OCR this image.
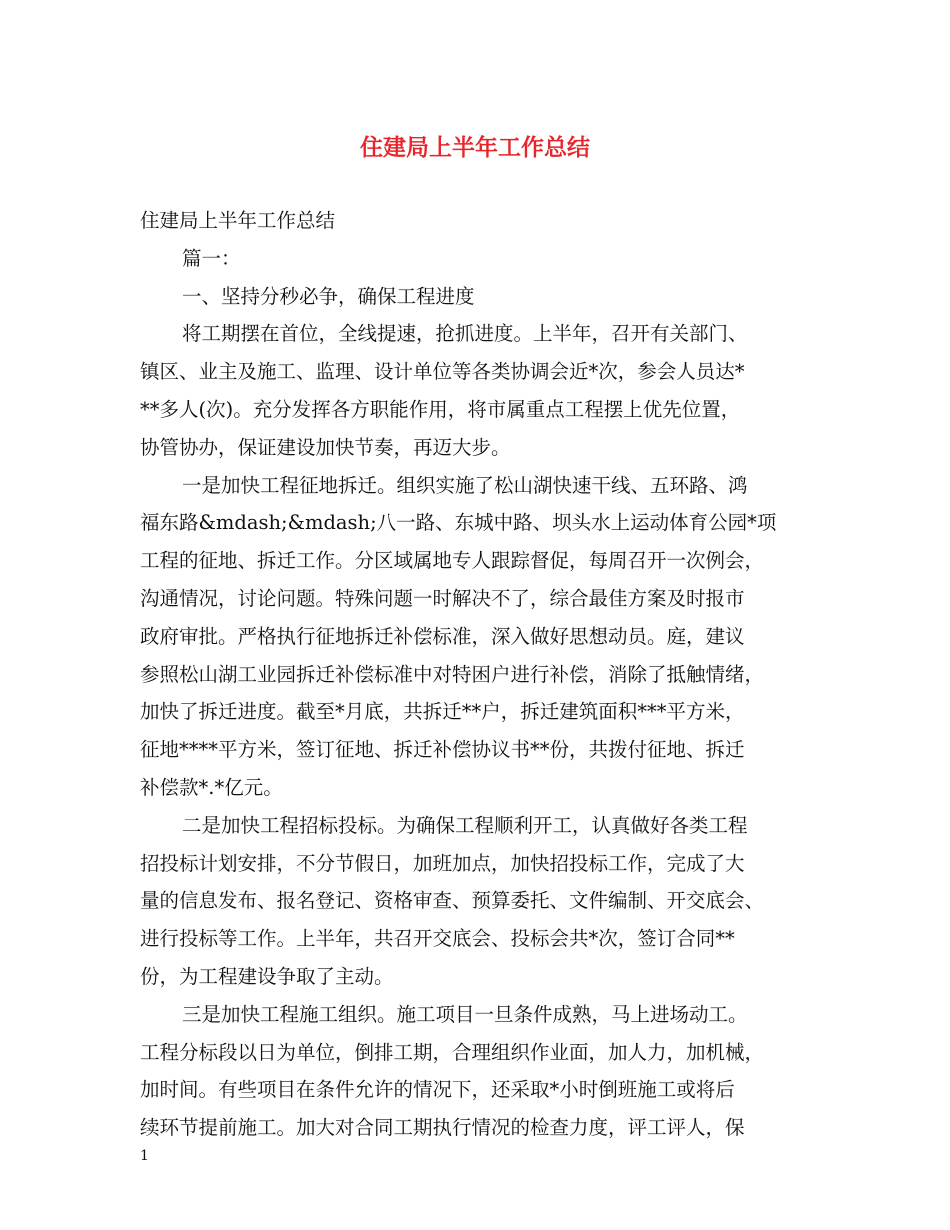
住建局上半年工作总结
住建局上半年工作总结
篇一：
一、坚持分秒必争，确保工程进度
将工期摆在首位，全线提速，抢抓进度。上半年，召开有关部门、
镇区、业主及施工、监理、设计单位等各类协调会近*次，参会人员达*
**多人(次)。充分发挥各方职能作用，将市属重点工程摆上优先位置，
协管协办，保证建设加快节奏，再迈大步。
一是加快工程征地拆迁。组织实施了松山湖快速干线、五环路、鸿
福东路&mdash;&mdash;八一路、东城中路、坝头水上运动体育公园*项
工程的征地、拆迁工作。分区域属地专人跟踪督促，每周召开一次例会，
沟通情况，讨论问题。特殊问题一时解决不了，综合最佳方案及时报市
政府审批。严格执行征地拆迁补偿标准，深入做好思想动员。庭，建议
参照松山湖工业园拆迁补偿标准中对特困户进行补偿，消除了抵触情绪，
加快了拆迁进度。截至*月底，共拆迁**户，拆迁建筑面积***平方米，
征地****平方米，签订征地、拆迁补偿协议书**份，共拨付征地、拆迁
补偿款*.*亿元。
二是加快工程招标投标。为确保工程顺利开工，认真做好各类工程
招投标计划安排，不分节假日，加班加点，加快招投标工作，完成了大
量的信息发布、报名登记、资格审查、预算委托、文件编制、开交底会、
进行投标等工作。上半年，共召开交底会、投标会共*次，签订合同**
份，为工程建设争取了主动。
三是加快工程施工组织。施工项目一旦条件成熟，马上进场动工。
工程分标段以日为单位，倒排工期，合理组织作业面，加人力，加机械，
加时间。有些项目在条件允许的情况下，还采取*小时倒班施工或将后
续环节提前施工。加大对合同工期执行情况的检查力度，评工评人，保
1
